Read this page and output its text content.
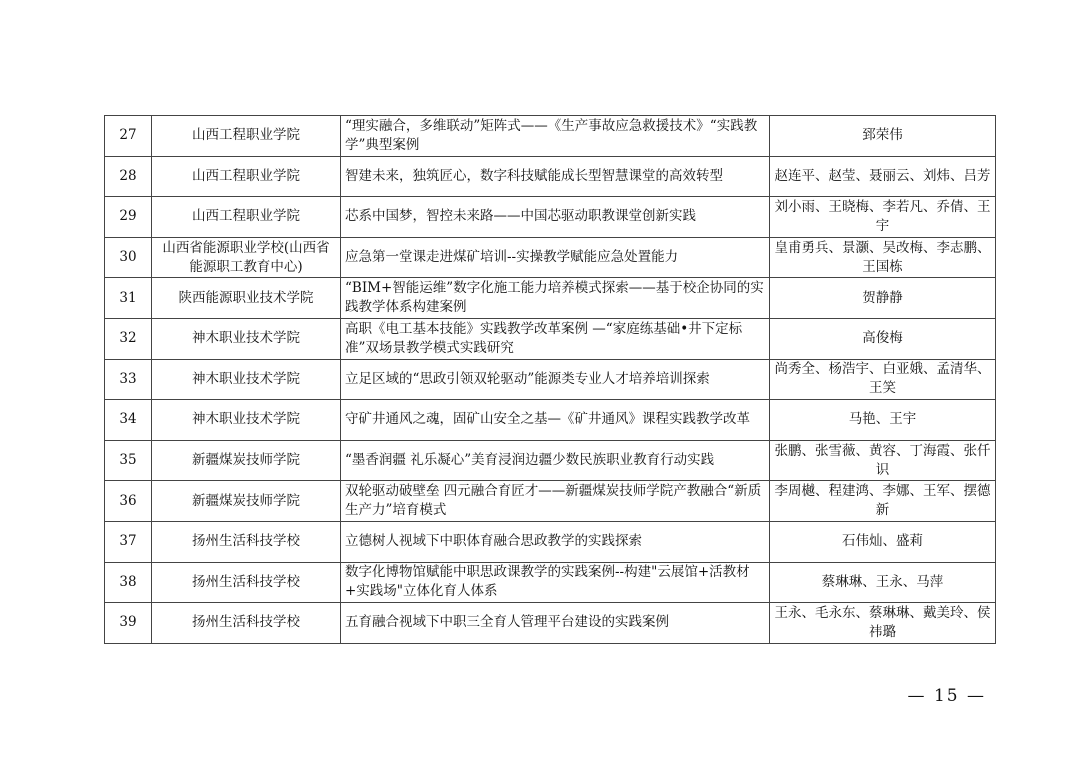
27	山西工程职业学院	“理实融合，多维联动”矩阵式——《生产事故应急救援技术》“实践教学”典型案例	郅荣伟
28	山西工程职业学院	智建未来，独筑匠心，数字科技赋能成长型智慧课堂的高效转型	赵连平、赵莹、聂丽云、刘炜、吕芳
29	山西工程职业学院	芯系中国梦，智控未来路——中国芯驱动职教课堂创新实践	刘小雨、王晓梅、李若凡、乔倩、王宇
30	山西省能源职业学校(山西省能源职工教育中心)	应急第一堂课走进煤矿培训--实操教学赋能应急处置能力	皇甫勇兵、景灏、吴改梅、李志鹏、王国栋
31	陕西能源职业技术学院	“BIM+智能运维”数字化施工能力培养模式探索——基于校企协同的实践教学体系构建案例	贺静静
32	神木职业技术学院	高职《电工基本技能》实践教学改革案例 —“家庭练基础•井下定标准”双场景教学模式实践研究	高俊梅
33	神木职业技术学院	立足区域的“思政引领双轮驱动”能源类专业人才培养培训探索	尚秀全、杨浩宇、白亚娥、孟清华、王笑
34	神木职业技术学院	守矿井通风之魂，固矿山安全之基—《矿井通风》课程实践教学改革	马艳、王宇
35	新疆煤炭技师学院	“墨香润疆 礼乐凝心”美育浸润边疆少数民族职业教育行动实践	张鹏、张雪薇、黄容、丁海霞、张仟识
36	新疆煤炭技师学院	双轮驱动破壁垒 四元融合育匠才——新疆煤炭技师学院产教融合“新质生产力”培育模式	李周樾、程建鸿、李娜、王军、摆德新
37	扬州生活科技学校	立德树人视域下中职体育融合思政教学的实践探索	石伟灿、盛莉
38	扬州生活科技学校	数字化博物馆赋能中职思政课教学的实践案例--构建"云展馆+活教材+实践场"立体化育人体系	蔡琳琳、王永、马萍
39	扬州生活科技学校	五育融合视域下中职三全育人管理平台建设的实践案例	王永、毛永东、蔡琳琳、戴美玲、侯祎璐
— 15 —
